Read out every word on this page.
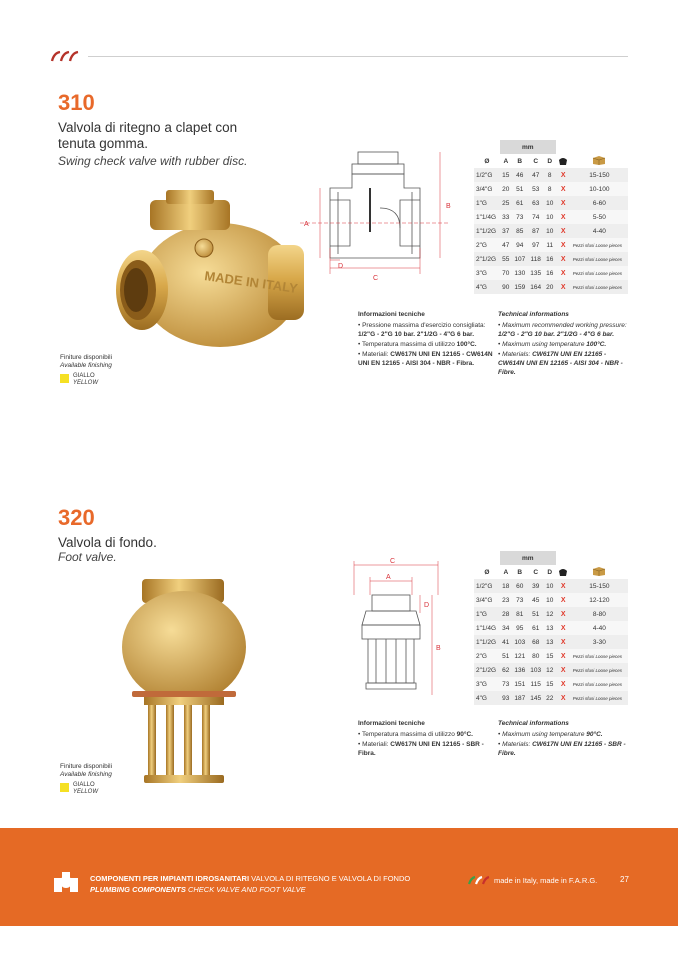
310
Valvola di ritegno a clapet con tenuta gomma.
Swing check valve with rubber disc.
MADE IN ITALY
Finiture disponibili
Available finishing
GIALLO
YELLOW
A
B
C
D
	mm					
Ø	A	B	C	D		
1/2"G	15	46	47	8	X	15-150
3/4"G	20	51	53	8	X	10-100
1"G	25	61	63	10	X	6-60
1"1/4G	33	73	74	10	X	5-50
1"1/2G	37	85	87	10	X	4-40
2"G	47	94	97	11	X	Pezzi sfusi Loose pieces
2"1/2G	55	107	118	16	X	Pezzi sfusi Loose pieces
3"G	70	130	135	16	X	Pezzi sfusi Loose pieces
4"G	90	159	164	20	X	Pezzi sfusi Loose pieces
Informazioni tecniche
• Pressione massima d'esercizio consigliata: 1/2"G - 2"G 10 bar. 2"1/2G - 4"G 6 bar.
• Temperatura massima di utilizzo 100°C.
• Materiali: CW617N UNI EN 12165 - CW614N UNI EN 12165 - AISI 304 - NBR - Fibra.
Technical informations
• Maximum recommended working pressure: 1/2"G - 2"G 10 bar. 2"1/2G - 4"G 6 bar.
• Maximum using temperature 100°C.
• Materials: CW617N UNI EN 12165 - CW614N UNI EN 12165 - AISI 304 - NBR - Fibre.
320
Valvola di fondo.
Foot valve.
Finiture disponibili
Available finishing
GIALLO
YELLOW
C
A
D
B
	mm					
Ø	A	B	C	D		
1/2"G	18	60	39	10	X	15-150
3/4"G	23	73	45	10	X	12-120
1"G	28	81	51	12	X	8-80
1"1/4G	34	95	61	13	X	4-40
1"1/2G	41	103	68	13	X	3-30
2"G	51	121	80	15	X	Pezzi sfusi Loose pieces
2"1/2G	62	136	103	12	X	Pezzi sfusi Loose pieces
3"G	73	151	115	15	X	Pezzi sfusi Loose pieces
4"G	93	187	145	22	X	Pezzi sfusi Loose pieces
Informazioni tecniche
• Temperatura massima di utilizzo 90°C.
• Materiali: CW617N UNI EN 12165 - SBR - Fibra.
Technical informations
• Maximum using temperature 90°C.
• Materials: CW617N UNI EN 12165 - SBR - Fibre.
COMPONENTI PER IMPIANTI IDROSANITARI VALVOLA DI RITEGNO E VALVOLA DI FONDO
PLUMBING COMPONENTS CHECK VALVE AND FOOT VALVE
made in Italy, made in F.A.R.G.	27
